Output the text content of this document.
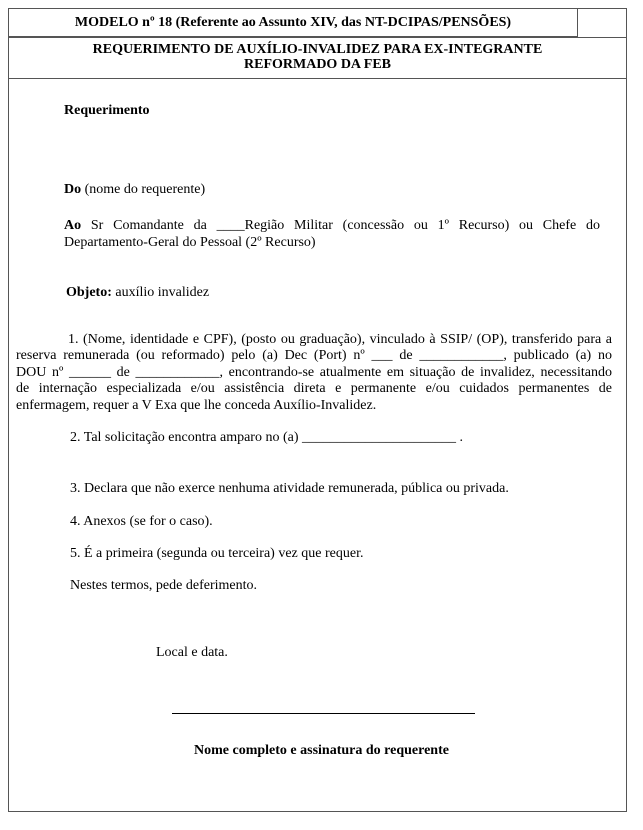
MODELO nº 18 (Referente ao Assunto XIV, das NT-DCIPAS/PENSÕES)
REQUERIMENTO DE AUXÍLIO-INVALIDEZ PARA EX-INTEGRANTE
REFORMADO DA FEB
Requerimento
Do (nome do requerente)
Ao Sr Comandante da ____Região Militar (concessão ou 1º Recurso) ou Chefe do
Departamento-Geral do Pessoal (2º Recurso)
Objeto: auxílio invalidez
1. (Nome, identidade e CPF), (posto ou graduação), vinculado à SSIP/ (OP), transferido para a
reserva remunerada (ou reformado) pelo (a) Dec (Port) nº ___ de ____________, publicado (a) no
DOU nº ______ de ____________, encontrando-se atualmente em situação de invalidez, necessitando
de internação especializada e/ou assistência direta e permanente e/ou cuidados permanentes de
enfermagem, requer a V Exa que lhe conceda Auxílio-Invalidez.
2. Tal solicitação encontra amparo no (a) ______________________ .
3. Declara que não exerce nenhuma atividade remunerada, pública ou privada.
4. Anexos (se for o caso).
5. É a primeira (segunda ou terceira) vez que requer.
Nestes termos, pede deferimento.
Local e data.
Nome completo e assinatura do requerente
